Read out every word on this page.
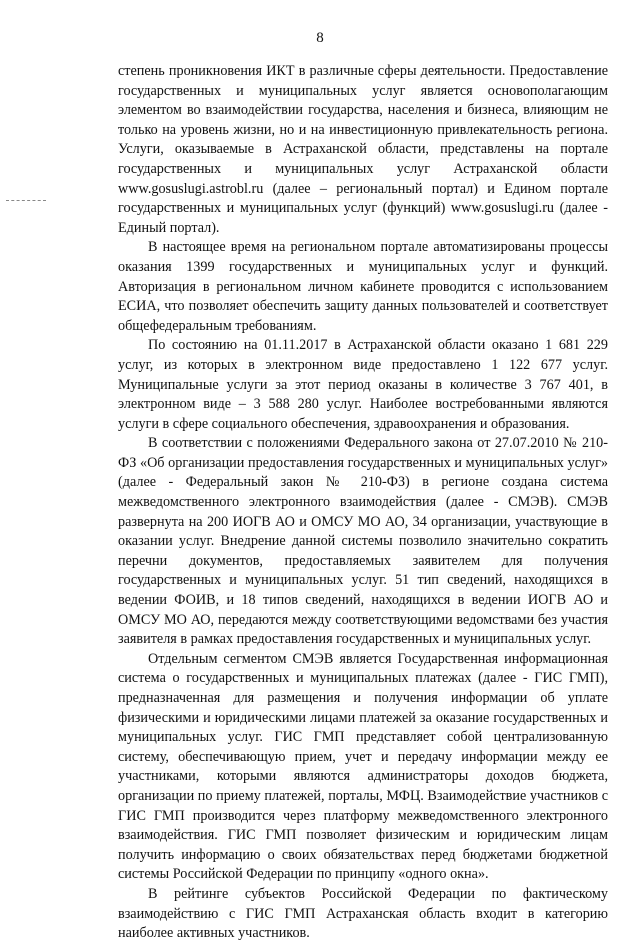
8

степень проникновения ИКТ в различные сферы деятельности. Предоставление государственных и муниципальных услуг является основополагающим элементом во взаимодействии государства, населения и бизнеса, влияющим не только на уровень жизни, но и на инвестиционную привлекательность региона. Услуги, оказываемые в Астраханской области, представлены на портале государственных и муниципальных услуг Астраханской области www.gosuslugi.astrobl.ru (далее – региональный портал) и Едином портале государственных и муниципальных услуг (функций) www.gosuslugi.ru (далее - Единый портал).

В настоящее время на региональном портале автоматизированы процессы оказания 1399 государственных и муниципальных услуг и функций. Авторизация в региональном личном кабинете проводится с использованием ЕСИА, что позволяет обеспечить защиту данных пользователей и соответствует общефедеральным требованиям.

По состоянию на 01.11.2017 в Астраханской области оказано 1 681 229 услуг, из которых в электронном виде предоставлено 1 122 677 услуг. Муниципальные услуги за этот период оказаны в количестве 3 767 401, в электронном виде – 3 588 280 услуг. Наиболее востребованными являются услуги в сфере социального обеспечения, здравоохранения и образования.

В соответствии с положениями Федерального закона от 27.07.2010 № 210-ФЗ «Об организации предоставления государственных и муниципальных услуг» (далее - Федеральный закон № 210-ФЗ) в регионе создана система межведомственного электронного взаимодействия (далее - СМЭВ). СМЭВ развернута на 200 ИОГВ АО и ОМСУ МО АО, 34 организации, участвующие в оказании услуг. Внедрение данной системы позволило значительно сократить перечни документов, предоставляемых заявителем для получения государственных и муниципальных услуг. 51 тип сведений, находящихся в ведении ФОИВ, и 18 типов сведений, находящихся в ведении ИОГВ АО и ОМСУ МО АО, передаются между соответствующими ведомствами без участия заявителя в рамках предоставления государственных и муниципальных услуг.

Отдельным сегментом СМЭВ является Государственная информационная система о государственных и муниципальных платежах (далее - ГИС ГМП), предназначенная для размещения и получения информации об уплате физическими и юридическими лицами платежей за оказание государственных и муниципальных услуг. ГИС ГМП представляет собой централизованную систему, обеспечивающую прием, учет и передачу информации между ее участниками, которыми являются администраторы доходов бюджета, организации по приему платежей, порталы, МФЦ. Взаимодействие участников с ГИС ГМП производится через платформу межведомственного электронного взаимодействия. ГИС ГМП позволяет физическим и юридическим лицам получить информацию о своих обязательствах перед бюджетами бюджетной системы Российской Федерации по принципу «одного окна».

В рейтинге субъектов Российской Федерации по фактическому взаимодействию с ГИС ГМП Астраханская область входит в категорию наиболее активных участников.
